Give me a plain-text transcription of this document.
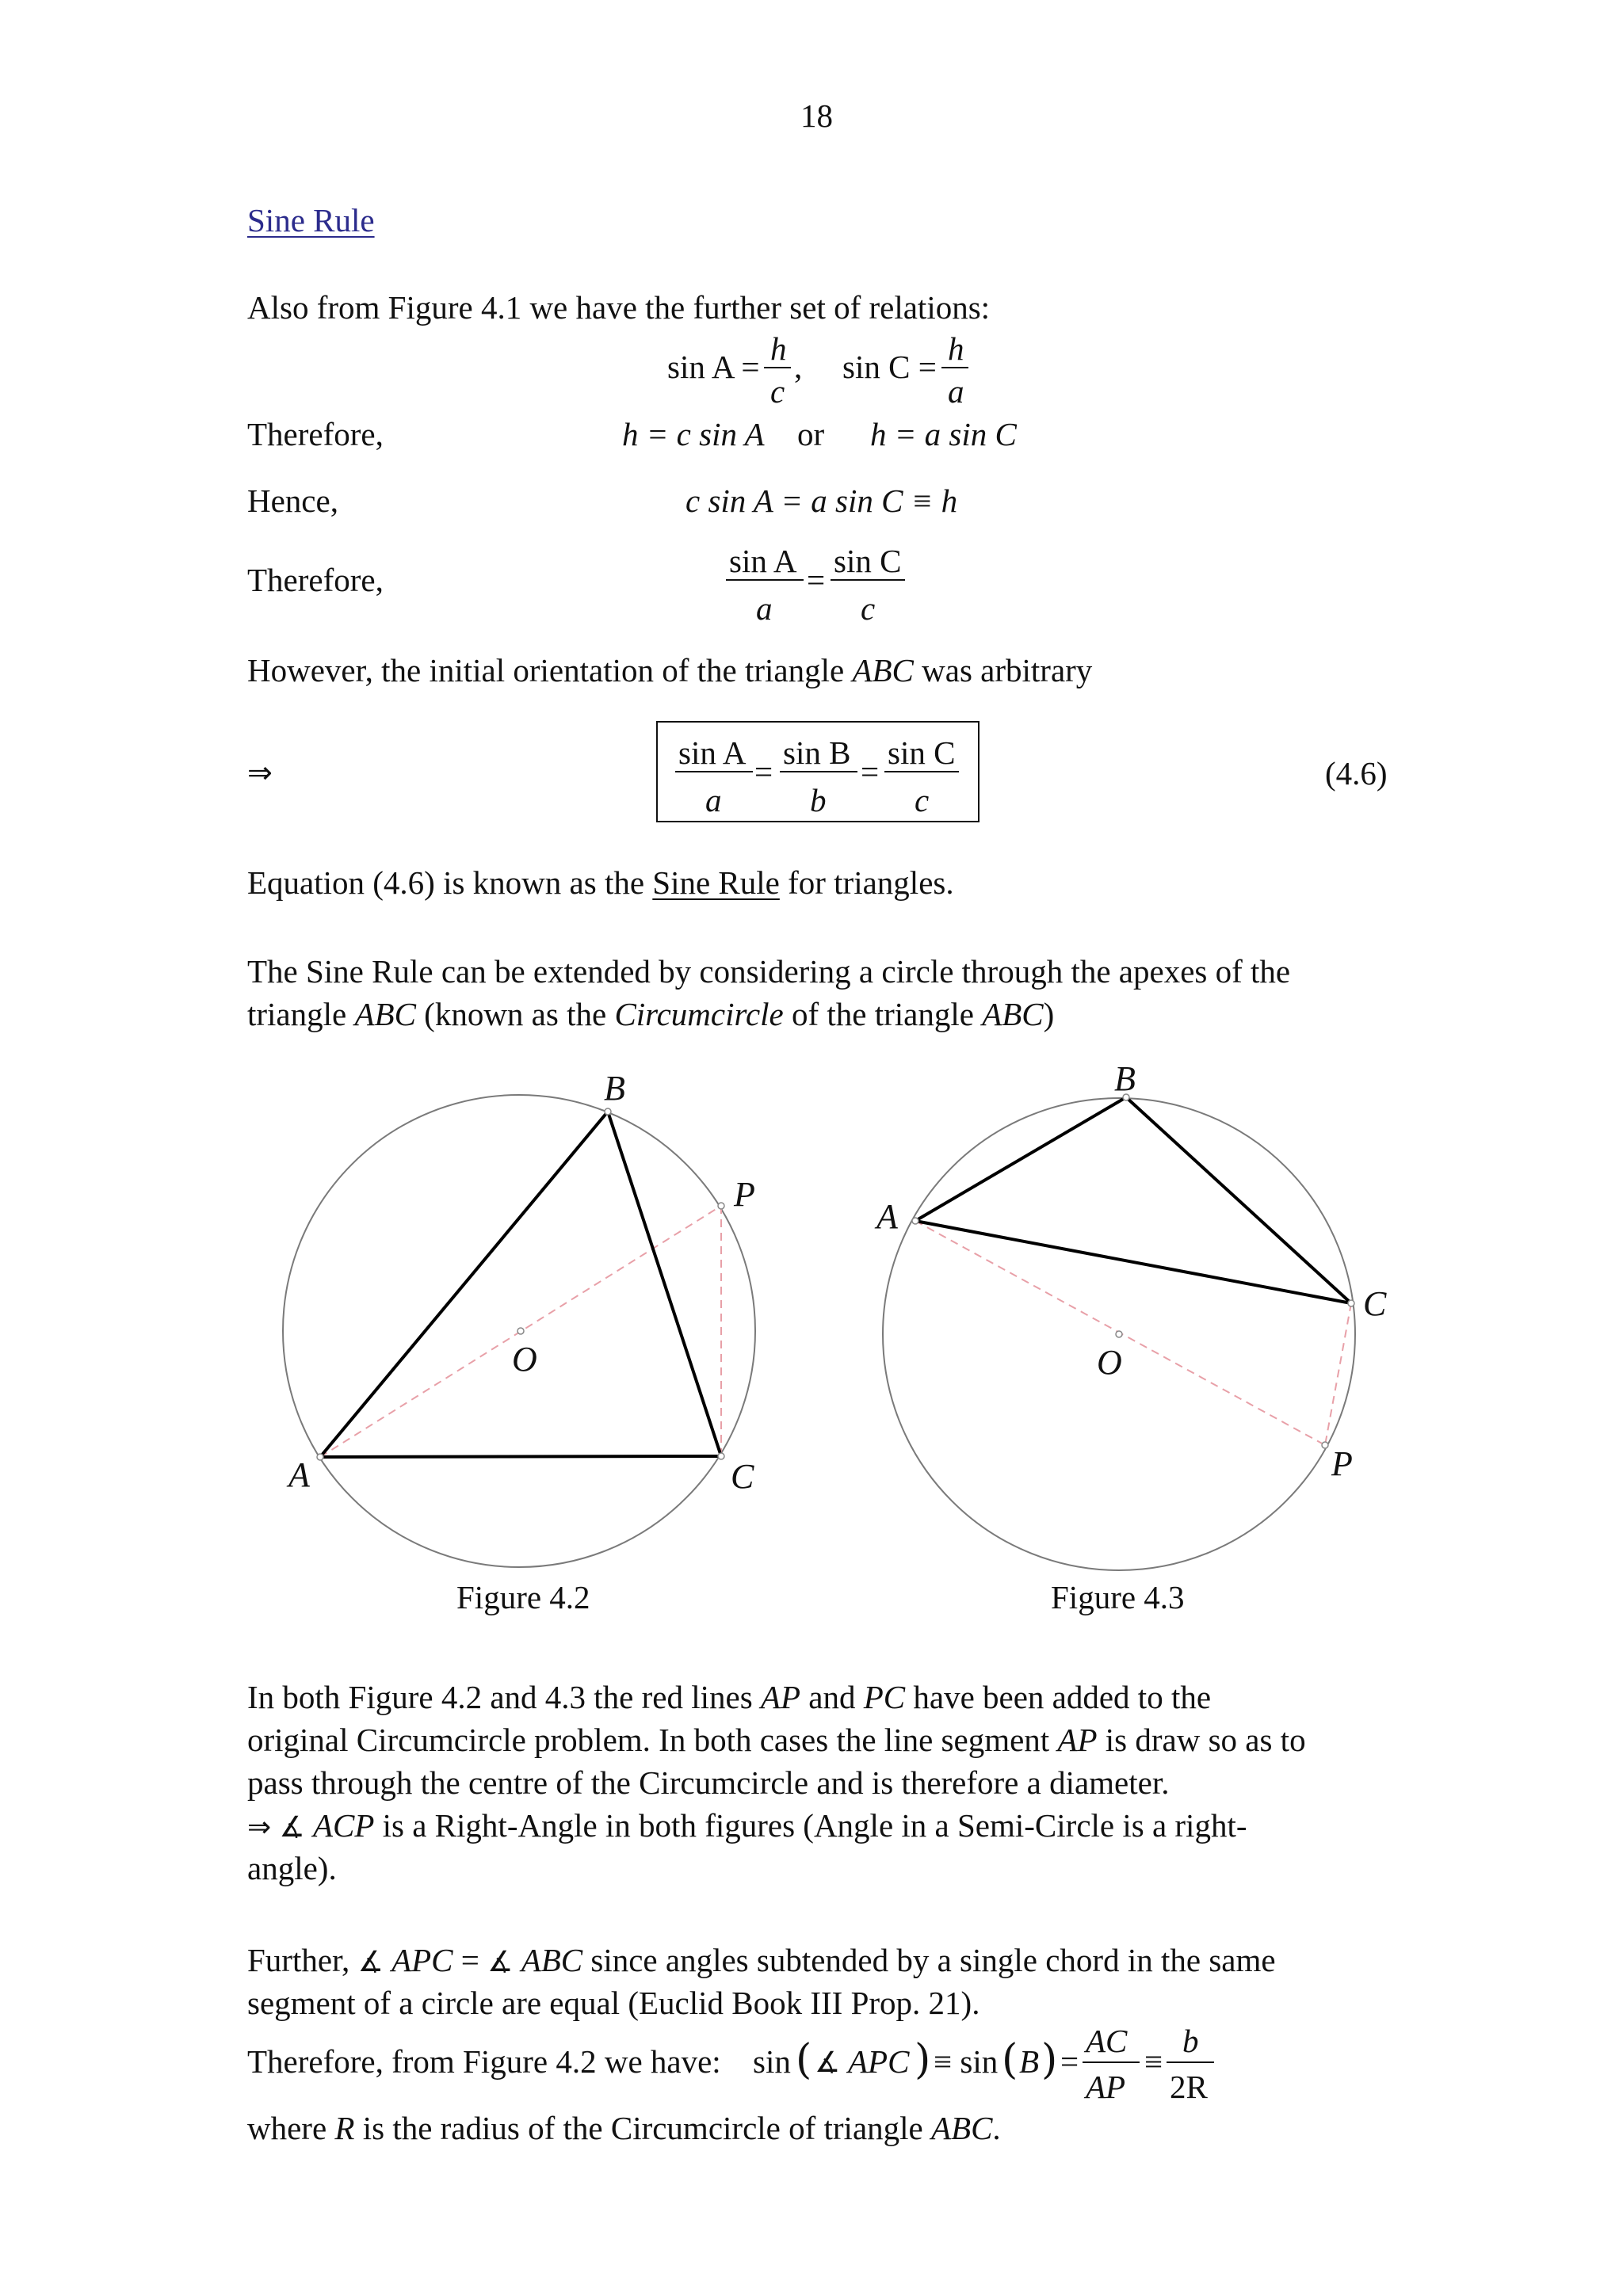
18
Sine Rule
Also from Figure 4.1 we have the further set of relations:
sin A = h
c
, sin C = h
a
Therefore,	h = c sin A or h = a sin C
Hence,	c sin A = a sin C ≡ h
Therefore,
sin A
a
=
sin C
c
However, the initial orientation of the triangle ABC was arbitrary
⇒
sin A
a
=
sin B
b
=
sin C
c
(4.6)
Equation (4.6) is known as the Sine Rule for triangles.
The Sine Rule can be extended by considering a circle through the apexes of the
triangle ABC (known as the Circumcircle of the triangle ABC)
B
P
O
A	C
Figure 4.2
B
A
C
O
P
Figure 4.3
In both Figure 4.2 and 4.3 the red lines AP and PC have been added to the
original Circumcircle problem. In both cases the line segment AP is draw so as to
pass through the centre of the Circumcircle and is therefore a diameter.
⇒ ∡ ACP is a Right-Angle in both figures (Angle in a Semi-Circle is a right-
angle).
Further, ∡ APC = ∡ ABC since angles subtended by a single chord in the same
segment of a circle are equal (Euclid Book III Prop. 21).
Therefore, from Figure 4.2 we have: sin ( ∡ APC ) ≡ sin ( B ) =
AC
AP
≡
b
2R
where R is the radius of the Circumcircle of triangle ABC.
